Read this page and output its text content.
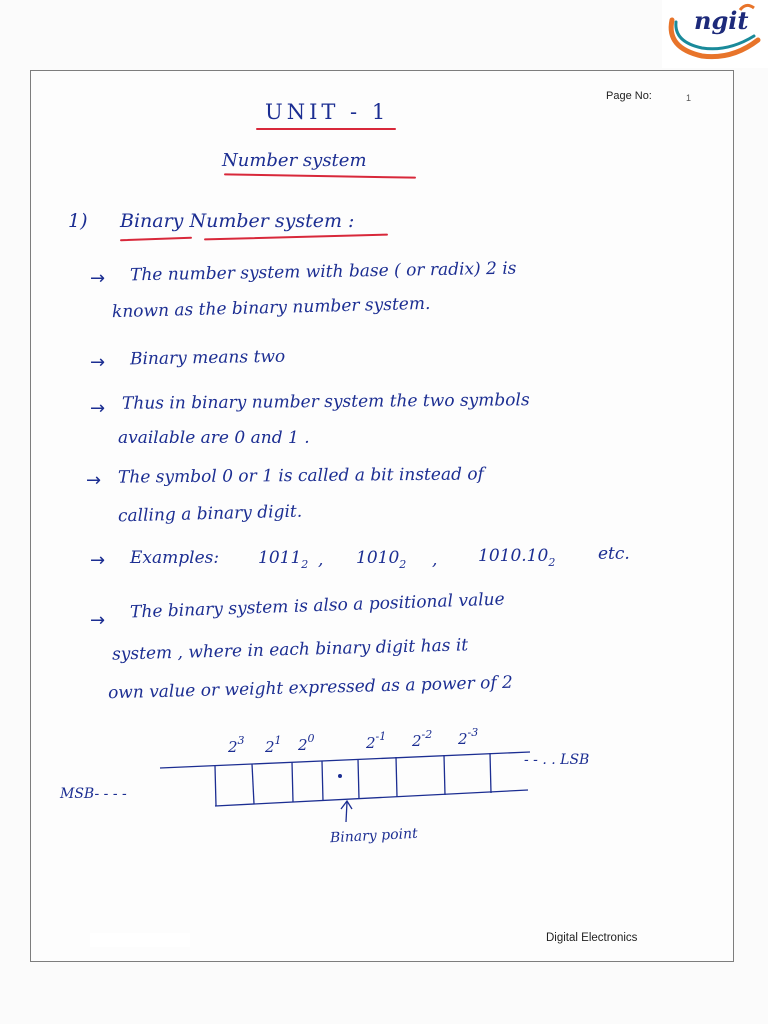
ngit
Page No:	1
UNIT - 1
Number system
1) Binary Number system :
→ The number system with base ( or radix) 2 is
known as the binary number system.
→ Binary means two
→ Thus in binary number system the two symbols
available are 0 and 1 .
→ The symbol 0 or 1 is called a bit instead of
calling a binary digit.
→ Examples: $1011_2$ , $1010_2$ , $1010.10_2$	etc.
→ The binary system is also a positional value
system , where in each binary digit has it
own value or weight expressed as a power of 2
$2^3$ $2^1$ $2^0$	$2^{-1}$ $2^{-2}$ $2^{-3}$
MSB- - - -
- - . . LSB
Binary point
Digital Electronics
